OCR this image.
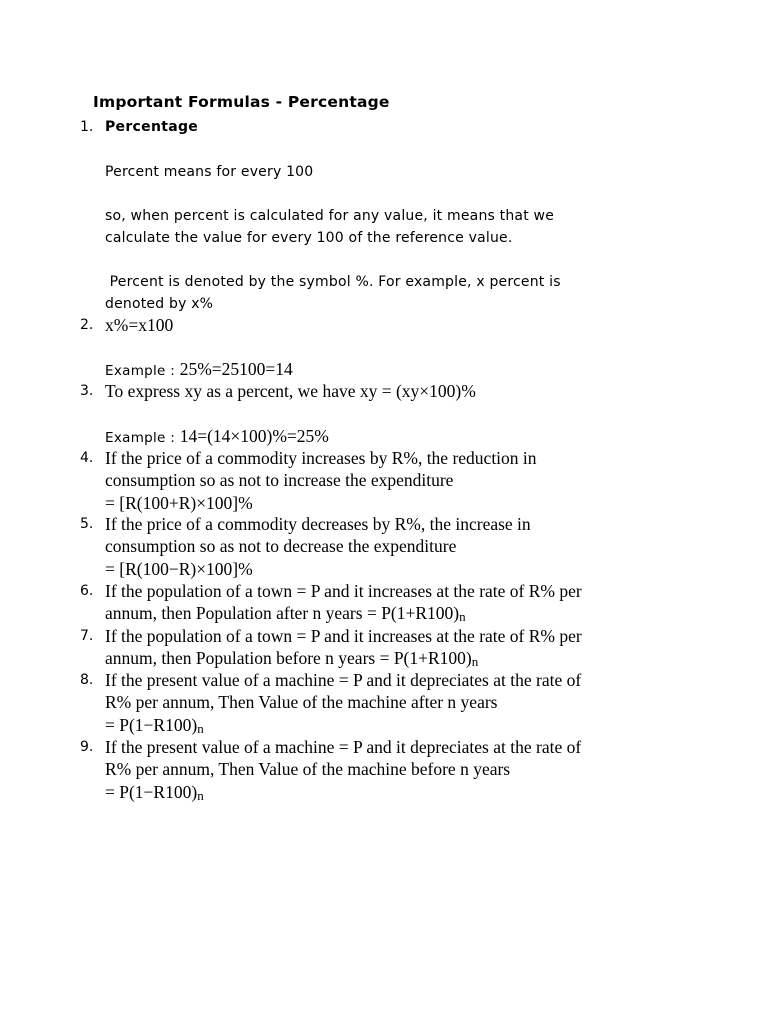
Important Formulas - Percentage
1. Percentage
Percent means for every 100
so, when percent is calculated for any value, it means that we
calculate the value for every 100 of the reference value.
Percent is denoted by the symbol %. For example, x percent is
denoted by x%
2. x%=x100
Example : 25%=25100=14
3. To express xy as a percent, we have xy = (xy×100)%
Example : 14=(14×100)%=25%
4. If the price of a commodity increases by R%, the reduction in
consumption so as not to increase the expenditure
= [R(100+R)×100]%
5. If the price of a commodity decreases by R%, the increase in
consumption so as not to decrease the expenditure
= [R(100−R)×100]%
6. If the population of a town = P and it increases at the rate of R% per
annum, then Population after n years = P(1+R100)n
7. If the population of a town = P and it increases at the rate of R% per
annum, then Population before n years = P(1+R100)n
8. If the present value of a machine = P and it depreciates at the rate of
R% per annum, Then Value of the machine after n years
= P(1−R100)n
9. If the present value of a machine = P and it depreciates at the rate of
R% per annum, Then Value of the machine before n years
= P(1−R100)n
